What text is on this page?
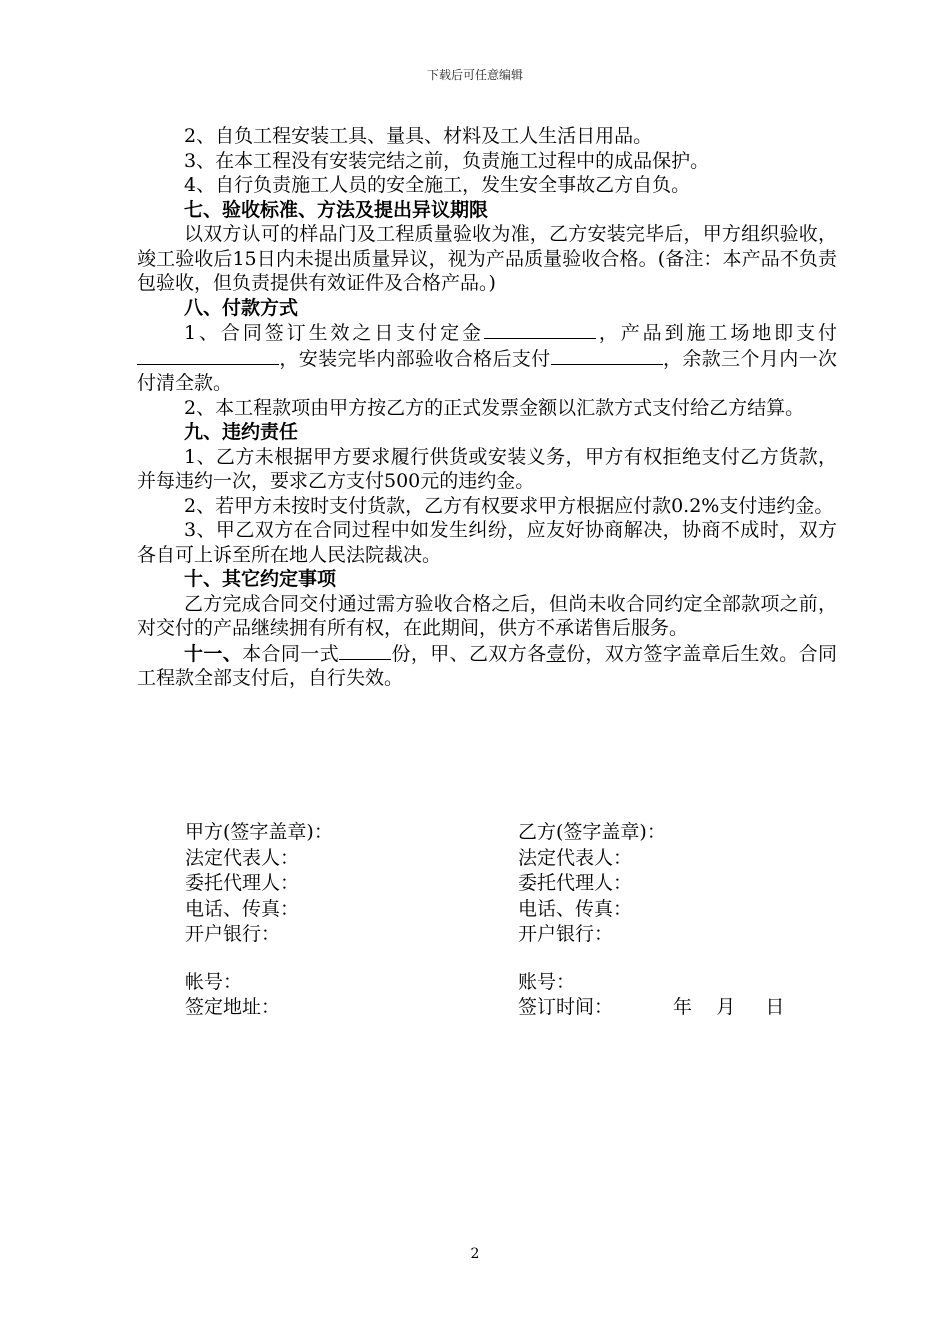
下载后可任意编辑

2、自负工程安装工具、量具、材料及工人生活日用品。

3、在本工程没有安装完结之前，负责施工过程中的成品保护。

4、自行负责施工人员的安全施工，发生安全事故乙方自负。

七、验收标准、方法及提出异议期限

以双方认可的样品门及工程质量验收为准，乙方安装完毕后，甲方组织验收，竣工验收后15日内未提出质量异议，视为产品质量验收合格。(备注：本产品不负责包验收，但负责提供有效证件及合格产品。)

八、付款方式

1、合同签订生效之日支付定金	，产品到施工场地即支付，安装完毕内部验收合格后支付	，余款三个月内一次付清全款。

2、本工程款项由甲方按乙方的正式发票金额以汇款方式支付给乙方结算。

九、违约责任

1、乙方未根据甲方要求履行供货或安装义务，甲方有权拒绝支付乙方货款，并每违约一次，要求乙方支付500元的违约金。

2、若甲方未按时支付货款，乙方有权要求甲方根据应付款0.2%支付违约金。

3、甲乙双方在合同过程中如发生纠纷，应友好协商解决，协商不成时，双方各自可上诉至所在地人民法院裁决。

十、其它约定事项

乙方完成合同交付通过需方验收合格之后，但尚未收合同约定全部款项之前，对交付的产品继续拥有所有权，在此期间，供方不承诺售后服务。

十一、本合同一式	份，甲、乙双方各壹份，双方签字盖章后生效。合同工程款全部支付后，自行失效。

甲方(签字盖章)：	乙方(签字盖章)：
法定代表人：	法定代表人：
委托代理人：	委托代理人：
电话、传真：	电话、传真：
开户银行：	开户银行：
帐号：	账号：
签定地址：	签订时间：	年 月 日
2
